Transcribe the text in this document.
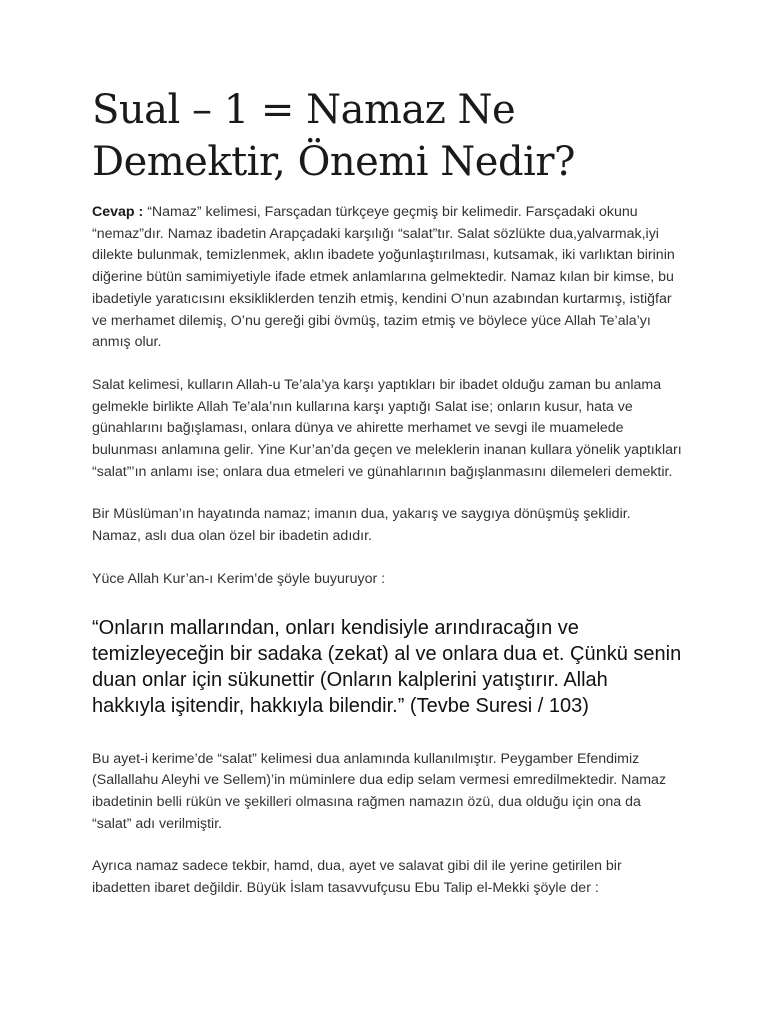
Sual – 1 = Namaz Ne Demektir, Önemi Nedir?

Cevap : “Namaz” kelimesi, Farsçadan türkçeye geçmiş bir kelimedir. Farsçadaki okunu “nemaz”dır. Namaz ibadetin Arapçadaki karşılığı “salat”tır. Salat sözlükte dua,yalvarmak,iyi dilekte bulunmak, temizlenmek, aklın ibadete yoğunlaştırılması, kutsamak, iki varlıktan birinin diğerine bütün samimiyetiyle ifade etmek anlamlarına gelmektedir. Namaz kılan bir kimse, bu ibadetiyle yaratıcısını eksikliklerden tenzih etmiş, kendini O’nun azabından kurtarmış, istiğfar ve merhamet dilemiş, O’nu gereği gibi övmüş, tazim etmiş ve böylece yüce Allah Te’ala’yı anmış olur.

Salat kelimesi, kulların Allah-u Te’ala’ya karşı yaptıkları bir ibadet olduğu zaman bu anlama gelmekle birlikte Allah Te’ala’nın kullarına karşı yaptığı Salat ise; onların kusur, hata ve günahlarını bağışlaması, onlara dünya ve ahirette merhamet ve sevgi ile muamelede bulunması anlamına gelir. Yine Kur’an’da geçen ve meleklerin inanan kullara yönelik yaptıkları “salat”’ın anlamı ise; onlara dua etmeleri ve günahlarının bağışlanmasını dilemeleri demektir.

Bir Müslüman’ın hayatında namaz; imanın dua, yakarış ve saygıya dönüşmüş şeklidir. Namaz, aslı dua olan özel bir ibadetin adıdır.

Yüce Allah Kur’an-ı Kerim’de şöyle buyuruyor :

“Onların mallarından, onları kendisiyle arındıracağın ve temizleyeceğin bir sadaka (zekat) al ve onlara dua et. Çünkü senin duan onlar için sükunettir (Onların kalplerini yatıştırır. Allah hakkıyla işitendir, hakkıyla bilendir.” (Tevbe Suresi / 103)

Bu ayet-i kerime’de “salat” kelimesi dua anlamında kullanılmıştır. Peygamber Efendimiz (Sallallahu Aleyhi ve Sellem)’in müminlere dua edip selam vermesi emredilmektedir. Namaz ibadetinin belli rükün ve şekilleri olmasına rağmen namazın özü, dua olduğu için ona da “salat” adı verilmiştir.

Ayrıca namaz sadece tekbir, hamd, dua, ayet ve salavat gibi dil ile yerine getirilen bir ibadetten ibaret değildir. Büyük İslam tasavvufçusu Ebu Talip el-Mekki şöyle der :
